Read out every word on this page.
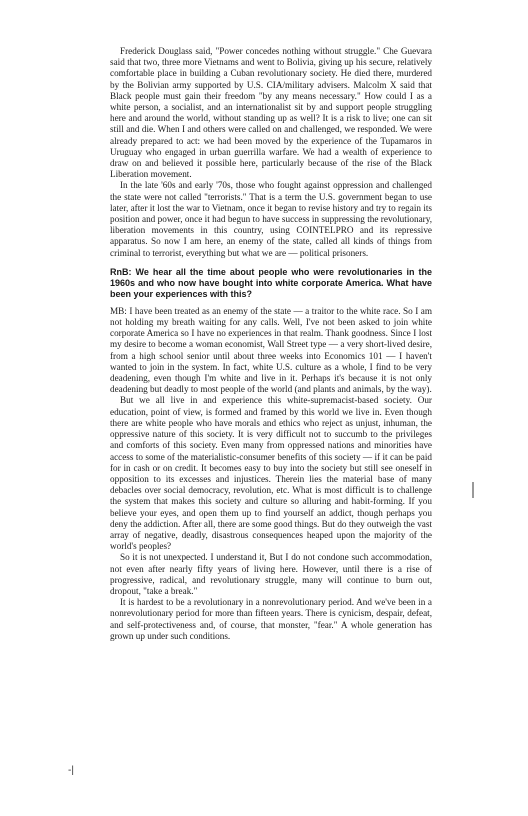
Frederick Douglass said, "Power concedes nothing without struggle." Che Guevara said that two, three more Vietnams and went to Bolivia, giving up his secure, relatively comfortable place in building a Cuban revolutionary society. He died there, murdered by the Bolivian army supported by U.S. CIA/military advisers. Malcolm X said that Black people must gain their freedom "by any means necessary." How could I as a white person, a socialist, and an internationalist sit by and support people struggling here and around the world, without standing up as well? It is a risk to live; one can sit still and die. When I and others were called on and challenged, we responded. We were already prepared to act: we had been moved by the experience of the Tupamaros in Uruguay who engaged in urban guerrilla warfare. We had a wealth of experience to draw on and believed it possible here, particularly because of the rise of the Black Liberation movement.

In the late '60s and early '70s, those who fought against oppression and challenged the state were not called "terrorists." That is a term the U.S. government began to use later, after it lost the war to Vietnam, once it began to revise history and try to regain its position and power, once it had begun to have success in suppressing the revolutionary, liberation movements in this country, using COINTELPRO and its repressive apparatus. So now I am here, an enemy of the state, called all kinds of things from criminal to terrorist, everything but what we are — political prisoners.

RnB: We hear all the time about people who were revolutionaries in the 1960s and who now have bought into white corporate America. What have been your experiences with this?

MB: I have been treated as an enemy of the state — a traitor to the white race. So I am not holding my breath waiting for any calls. Well, I've not been asked to join white corporate America so I have no experiences in that realm. Thank goodness. Since I lost my desire to become a woman economist, Wall Street type — a very short-lived desire, from a high school senior until about three weeks into Economics 101 — I haven't wanted to join in the system. In fact, white U.S. culture as a whole, I find to be very deadening, even though I'm white and live in it. Perhaps it's because it is not only deadening but deadly to most people of the world (and plants and animals, by the way).

But we all live in and experience this white-supremacist-based society. Our education, point of view, is formed and framed by this world we live in. Even though there are white people who have morals and ethics who reject as unjust, inhuman, the oppressive nature of this society. It is very difficult not to succumb to the privileges and comforts of this society. Even many from oppressed nations and minorities have access to some of the materialistic-consumer benefits of this society — if it can be paid for in cash or on credit. It becomes easy to buy into the society but still see oneself in opposition to its excesses and injustices. Therein lies the material base of many debacles over social democracy, revolution, etc. What is most difficult is to challenge the system that makes this society and culture so alluring and habit-forming. If you believe your eyes, and open them up to find yourself an addict, though perhaps you deny the addiction. After all, there are some good things. But do they outweigh the vast array of negative, deadly, disastrous consequences heaped upon the majority of the world's peoples?

So it is not unexpected. I understand it, But I do not condone such accommodation, not even after nearly fifty years of living here. However, until there is a rise of progressive, radical, and revolutionary struggle, many will continue to burn out, dropout, "take a break."

It is hardest to be a revolutionary in a nonrevolutionary period. And we've been in a nonrevolutionary period for more than fifteen years. There is cynicism, despair, defeat, and self-protectiveness and, of course, that monster, "fear." A whole generation has grown up under such conditions.

-|
